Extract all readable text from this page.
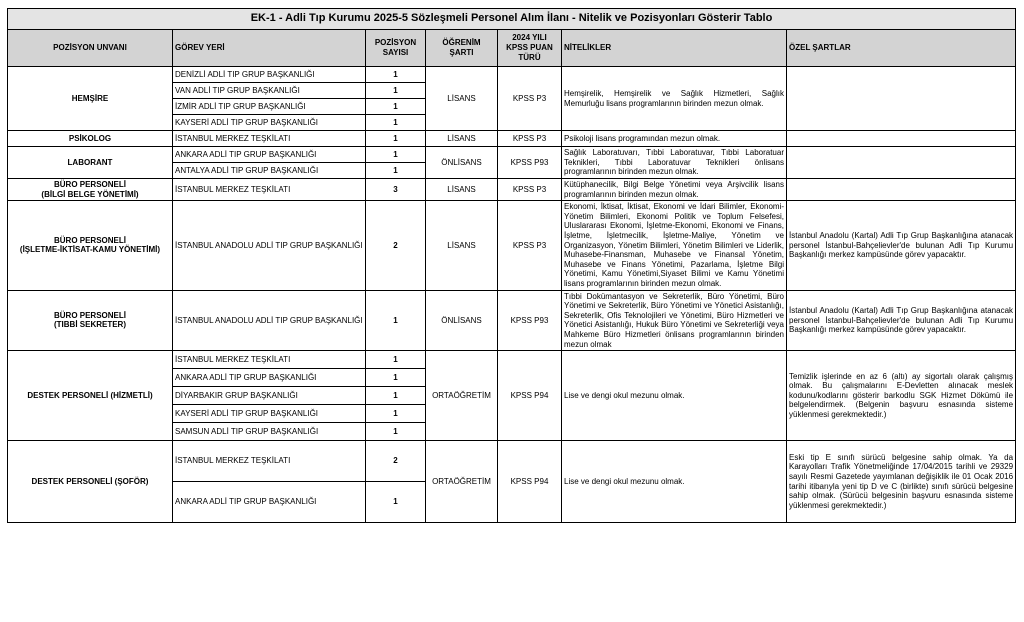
EK-1 - Adli Tıp Kurumu 2025-5 Sözleşmeli Personel Alım İlanı - Nitelik ve Pozisyonları Gösterir Tablo						
POZİSYON UNVANI	GÖREV YERİ	POZİSYON
SAYISI	ÖĞRENİM
ŞARTI	2024 YILI
KPSS PUAN
TÜRÜ	NİTELİKLER	ÖZEL ŞARTLAR
HEMŞİRE	DENİZLİ ADLİ TIP GRUP BAŞKANLIĞI	1	LİSANS	KPSS P3	Hemşirelik, Hemşirelik ve Sağlık Hizmetleri, Sağlık Memurluğu lisans programlarının birinden mezun olmak.	
	VAN ADLİ TIP GRUP BAŞKANLIĞI	1				
	İZMİR ADLİ TIP GRUP BAŞKANLIĞI	1				
	KAYSERİ ADLİ TIP GRUP BAŞKANLIĞI	1				
PSİKOLOG	İSTANBUL MERKEZ TEŞKİLATI	1	LİSANS	KPSS P3	Psikoloji lisans programından mezun olmak.	
LABORANT	ANKARA ADLİ TIP GRUP BAŞKANLIĞI	1	ÖNLİSANS	KPSS P93	Sağlık Laboratuvarı, Tıbbi Laboratuvar, Tıbbi Laboratuar Teknikleri, Tıbbi Laboratuvar Teknikleri önlisans programlarının birinden mezun olmak.	
	ANTALYA ADLİ TIP GRUP BAŞKANLIĞI	1				
BÜRO PERSONELİ
(BİLGİ BELGE YÖNETİMİ)	İSTANBUL MERKEZ TEŞKİLATI	3	LİSANS	KPSS P3	Kütüphanecilik, Bilgi Belge Yönetimi veya Arşivcilik lisans programlarının birinden mezun olmak.	
BÜRO PERSONELİ
(İŞLETME-İKTİSAT-KAMU YÖNETİMİ)	İSTANBUL ANADOLU ADLİ TIP GRUP BAŞKANLIĞI	2	LİSANS	KPSS P3	Ekonomi, İktisat, İktisat, Ekonomi ve İdari Bilimler, Ekonomi-Yönetim Bilimleri, Ekonomi Politik ve Toplum Felsefesi, Uluslararası Ekonomi, İşletme-Ekonomi, Ekonomi ve Finans, İşletme, İşletmecilik, İşletme-Maliye, Yönetim ve Organizasyon, Yönetim Bilimleri, Yönetim Bilimleri ve Liderlik, Muhasebe-Finansman, Muhasebe ve Finansal Yönetim, Muhasebe ve Finans Yönetimi, Pazarlama, İşletme Bilgi Yönetimi, Kamu Yönetimi,Siyaset Bilimi ve Kamu Yönetimi lisans programlarının birinden mezun olmak.	İstanbul Anadolu (Kartal) Adli Tıp Grup Başkanlığına atanacak personel İstanbul-Bahçelievler'de bulunan Adli Tıp Kurumu Başkanlığı merkez kampüsünde görev yapacaktır.
BÜRO PERSONELİ
(TIBBİ SEKRETER)	İSTANBUL ANADOLU ADLİ TIP GRUP BAŞKANLIĞI	1	ÖNLİSANS	KPSS P93	Tıbbi Dokümantasyon ve Sekreterlik, Büro Yönetimi, Büro Yönetimi ve Sekreterlik, Büro Yönetimi ve Yönetici Asistanlığı, Sekreterlik, Ofis Teknolojileri ve Yönetimi, Büro Hizmetleri ve Yönetici Asistanlığı, Hukuk Büro Yönetimi ve Sekreterliği veya Mahkeme Büro Hizmetleri önlisans programlarının birinden mezun olmak	İstanbul Anadolu (Kartal) Adli Tıp Grup Başkanlığına atanacak personel İstanbul-Bahçelievler'de bulunan Adli Tıp Kurumu Başkanlığı merkez kampüsünde görev yapacaktır.
DESTEK PERSONELİ (HİZMETLİ)	İSTANBUL MERKEZ TEŞKİLATI	1	ORTAÖĞRETİM	KPSS P94	Lise ve dengi okul mezunu olmak.	Temizlik işlerinde en az 6 (altı) ay sigortalı olarak çalışmış olmak. Bu çalışmalarını E-Devletten alınacak meslek kodunu/kodlarını gösterir barkodlu SGK Hizmet Dökümü ile belgelendirmek. (Belgenin başvuru esnasında sisteme yüklenmesi gerekmektedir.)
	ANKARA ADLİ TIP GRUP BAŞKANLIĞI	1				
	DİYARBAKIR GRUP BAŞKANLIĞI	1				
	KAYSERİ ADLİ TIP GRUP BAŞKANLIĞI	1				
	SAMSUN ADLİ TIP GRUP BAŞKANLIĞI	1				
DESTEK PERSONELİ (ŞOFÖR)	İSTANBUL MERKEZ TEŞKİLATI	2	ORTAÖĞRETİM	KPSS P94	Lise ve dengi okul mezunu olmak.	Eski tip E sınıfı sürücü belgesine sahip olmak. Ya da Karayolları Trafik Yönetmeliğinde 17/04/2015 tarihli ve 29329 sayılı Resmi Gazetede yayımlanan değişiklik ile 01 Ocak 2016 tarihi itibarıyla yeni tip D ve C (birlikte) sınıfı sürücü belgesine sahip olmak. (Sürücü belgesinin başvuru esnasında sisteme yüklenmesi gerekmektedir.)
	ANKARA ADLİ TIP GRUP BAŞKANLIĞI	1				
